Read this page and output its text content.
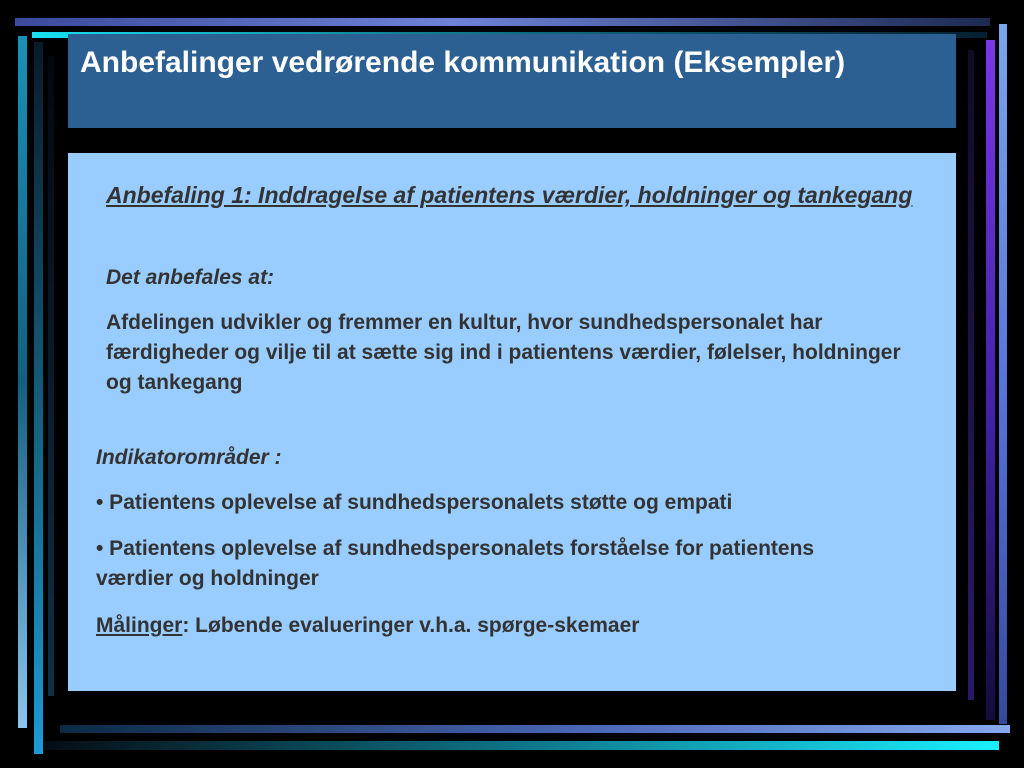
Anbefalinger vedrørende kommunikation (Eksempler)

Anbefaling 1: Inddragelse af patientens værdier, holdninger og tankegang

Det anbefales at:

Afdelingen udvikler og fremmer en kultur, hvor sundhedspersonalet har færdigheder og vilje til at sætte sig ind i patientens værdier, følelser, holdninger og tankegang

Indikatorområder :

• Patientens oplevelse af sundhedspersonalets støtte og empati

• Patientens oplevelse af sundhedspersonalets forståelse for patientens værdier og holdninger

Målinger: Løbende evalueringer v.h.a. spørge-skemaer
